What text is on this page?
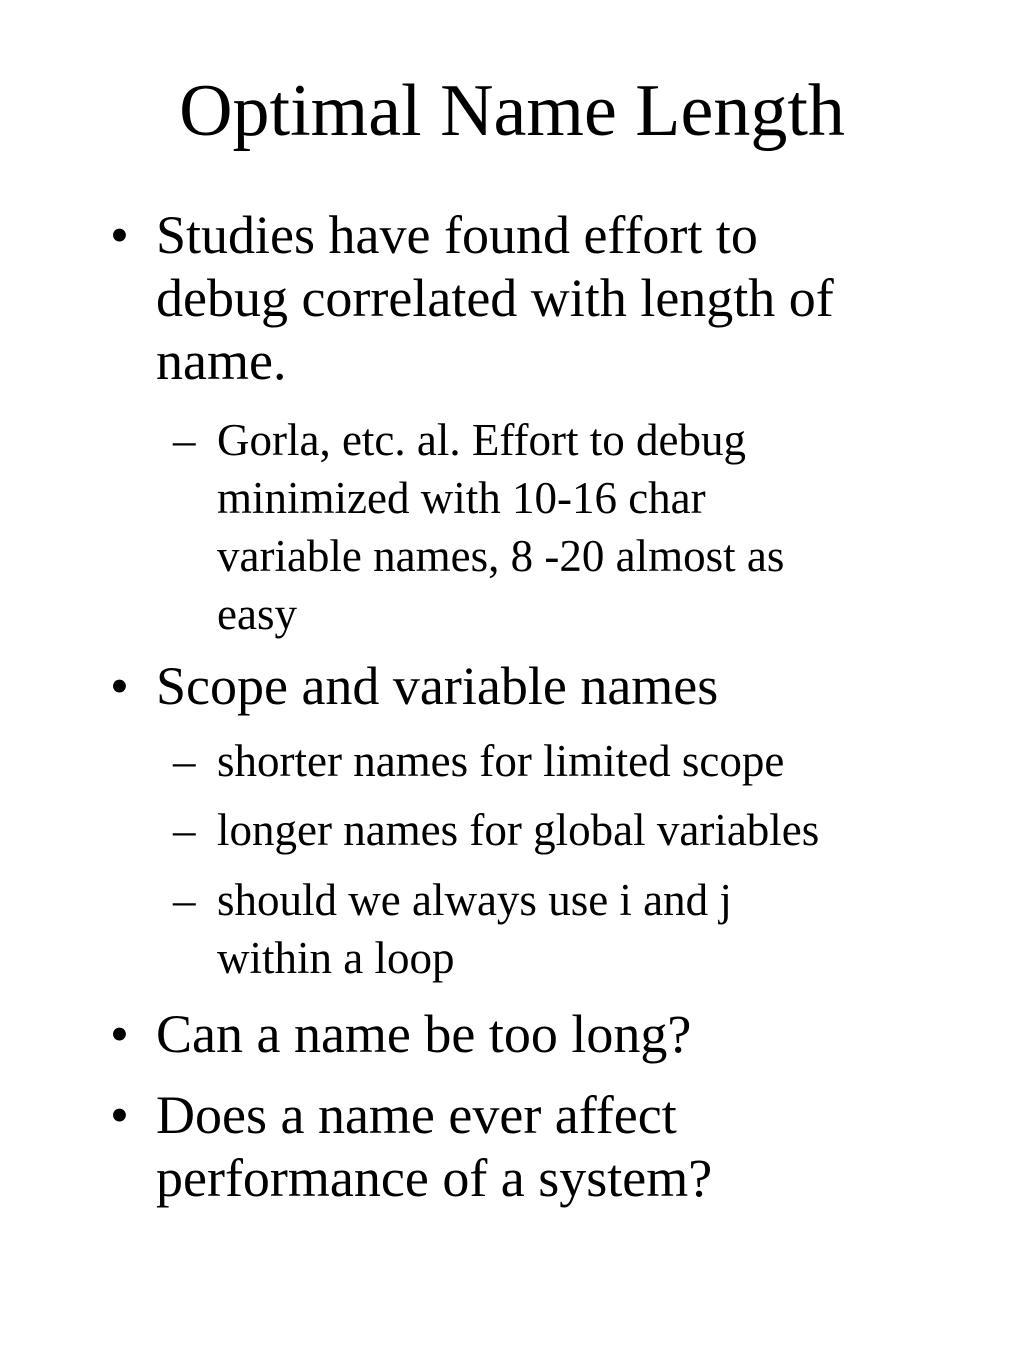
Optimal Name Length
• Studies have found effort to
debug correlated with length of
name.
– Gorla, etc. al. Effort to debug
minimized with 10-16 char
variable names, 8 -20 almost as
easy
• Scope and variable names
– shorter names for limited scope
– longer names for global variables
– should we always use i and j
within a loop
• Can a name be too long?
• Does a name ever affect
performance of a system?
